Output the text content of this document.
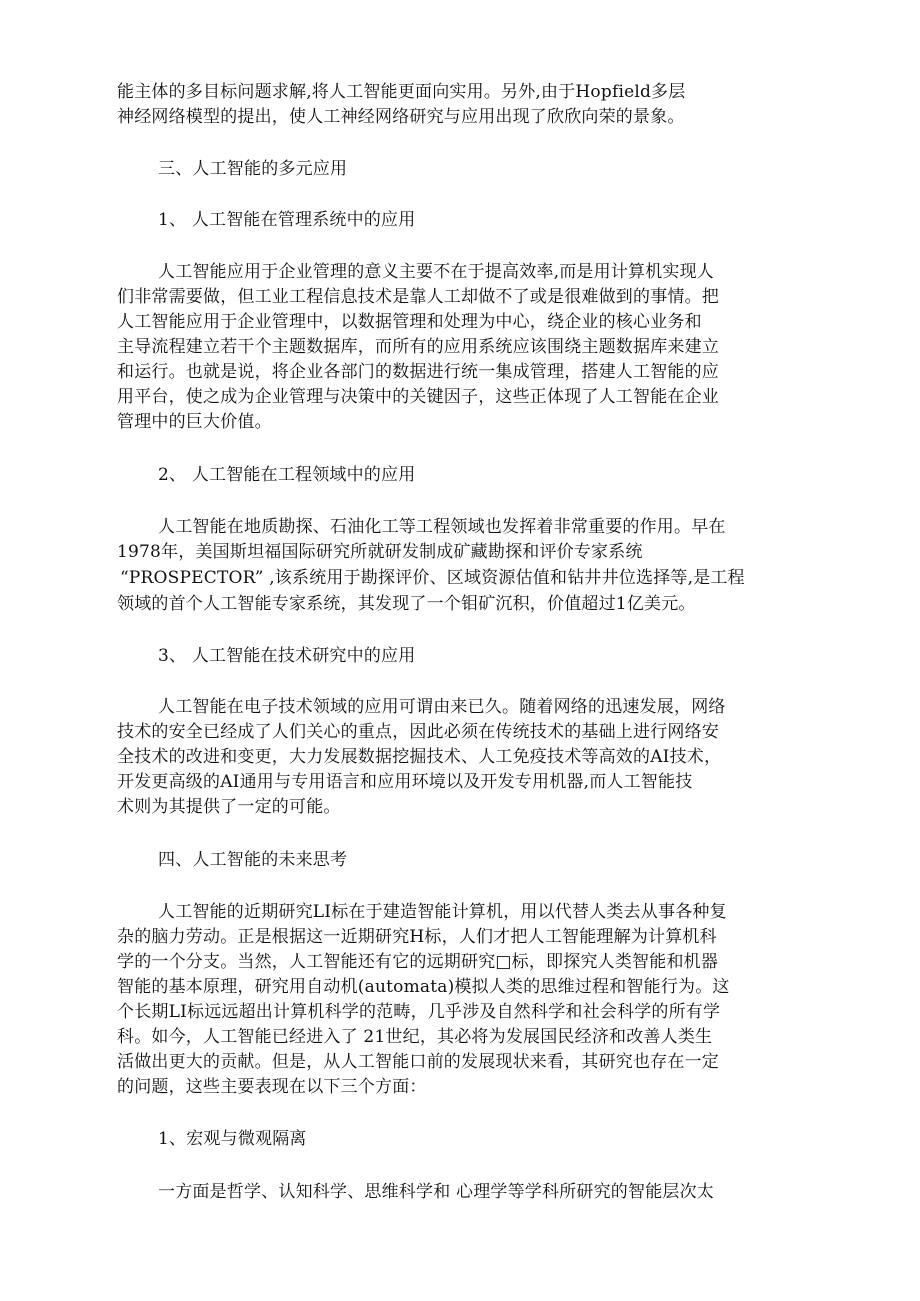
能主体的多目标问题求解,将人工智能更面向实用。另外,由于Hopfield多层
神经网络模型的提出，使人工神经网络研究与应用出现了欣欣向荣的景象。
三、人工智能的多元应用
1、 人工智能在管理系统中的应用
人工智能应用于企业管理的意义主要不在于提高效率,而是用计算机实现人
们非常需要做，但工业工程信息技术是靠人工却做不了或是很难做到的事情。把
人工智能应用于企业管理中，以数据管理和处理为中心，绕企业的核心业务和
主导流程建立若干个主题数据库，而所有的应用系统应该围绕主题数据库来建立
和运行。也就是说，将企业各部门的数据进行统一集成管理，搭建人工智能的应
用平台，使之成为企业管理与决策中的关键因子，这些正体现了人工智能在企业
管理中的巨大价值。
2、 人工智能在工程领域中的应用
人工智能在地质勘探、石油化工等工程领域也发挥着非常重要的作用。早在
1978年，美国斯坦福国际研究所就研发制成矿藏勘探和评价专家系统
“PROSPECTOR” ,该系统用于勘探评价、区域资源估值和钻井井位选择等,是工程
领域的首个人工智能专家系统，其发现了一个钼矿沉积，价值超过1亿美元。
3、 人工智能在技术研究中的应用
人工智能在电子技术领域的应用可谓由来已久。随着网络的迅速发展，网络
技术的安全已经成了人们关心的重点，因此必须在传统技术的基础上进行网络安
全技术的改进和变更，大力发展数据挖掘技术、人工免疫技术等高效的AI技术，
开发更高级的AI通用与专用语言和应用环境以及开发专用机器,而人工智能技
术则为其提供了一定的可能。
四、人工智能的未来思考
人工智能的近期研究LI标在于建造智能计算机，用以代替人类去从事各种复
杂的脑力劳动。正是根据这一近期研究H标，人们才把人工智能理解为计算机科
学的一个分支。当然，人工智能还有它的远期研究□标，即探究人类智能和机器
智能的基本原理，研究用自动机(automata)模拟人类的思维过程和智能行为。这
个长期LI标远远超出计算机科学的范畴，几乎涉及自然科学和社会科学的所有学
科。如今，人工智能已经进入了 21世纪，其必将为发展国民经济和改善人类生
活做出更大的贡献。但是，从人工智能口前的发展现状来看，其研究也存在一定
的问题，这些主要表现在以下三个方面：
1、宏观与微观隔离
一方面是哲学、认知科学、思维科学和 心理学等学科所研究的智能层次太
